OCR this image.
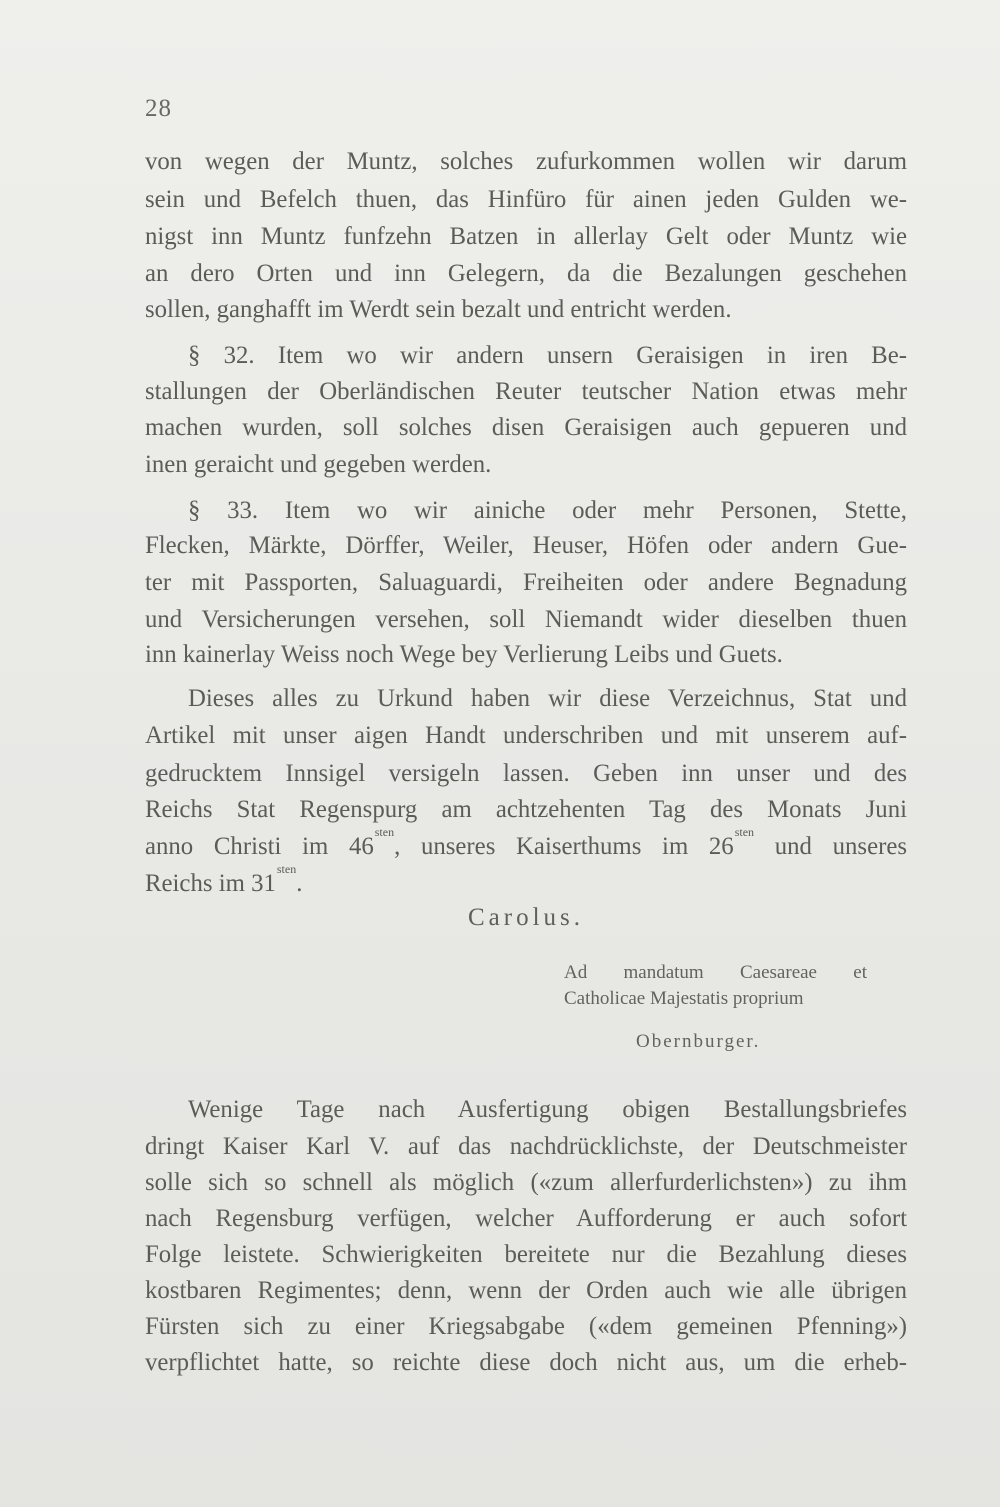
28
von wegen der Muntz, solches zufurkommen wollen wir darum
sein und Befelch thuen, das Hinfüro für ainen jeden Gulden we-
nigst inn Muntz funfzehn Batzen in allerlay Gelt oder Muntz wie
an dero Orten und inn Gelegern, da die Bezalungen geschehen
sollen, ganghafft im Werdt sein bezalt und entricht werden.
§ 32. Item wo wir andern unsern Geraisigen in iren Be-
stallungen der Oberländischen Reuter teutscher Nation etwas mehr
machen wurden, soll solches disen Geraisigen auch gepueren und
inen geraicht und gegeben werden.
§ 33. Item wo wir ainiche oder mehr Personen, Stette,
Flecken, Märkte, Dörffer, Weiler, Heuser, Höfen oder andern Gue-
ter mit Passporten, Saluaguardi, Freiheiten oder andere Begnadung
und Versicherungen versehen, soll Niemandt wider dieselben thuen
inn kainerlay Weiss noch Wege bey Verlierung Leibs und Guets.
Dieses alles zu Urkund haben wir diese Verzeichnus, Stat und
Artikel mit unser aigen Handt underschriben und mit unserem auf-
gedrucktem Innsigel versigeln lassen. Geben inn unser und des
Reichs Stat Regenspurg am achtzehenten Tag des Monats Juni
anno Christi im $46^{sten}$, unseres Kaiserthums im $26^{sten}$ und unseres
Reichs im $31^{sten}$.
Carolus.
Ad mandatum Caesareae et
Catholicae Majestatis proprium
Obernburger.
Wenige Tage nach Ausfertigung obigen Bestallungsbriefes
dringt Kaiser Karl V. auf das nachdrücklichste, der Deutschmeister
solle sich so schnell als möglich («zum allerfurderlichsten») zu ihm
nach Regensburg verfügen, welcher Aufforderung er auch sofort
Folge leistete. Schwierigkeiten bereitete nur die Bezahlung dieses
kostbaren Regimentes; denn, wenn der Orden auch wie alle übrigen
Fürsten sich zu einer Kriegsabgabe («dem gemeinen Pfenning»)
verpflichtet hatte, so reichte diese doch nicht aus, um die erheb-
